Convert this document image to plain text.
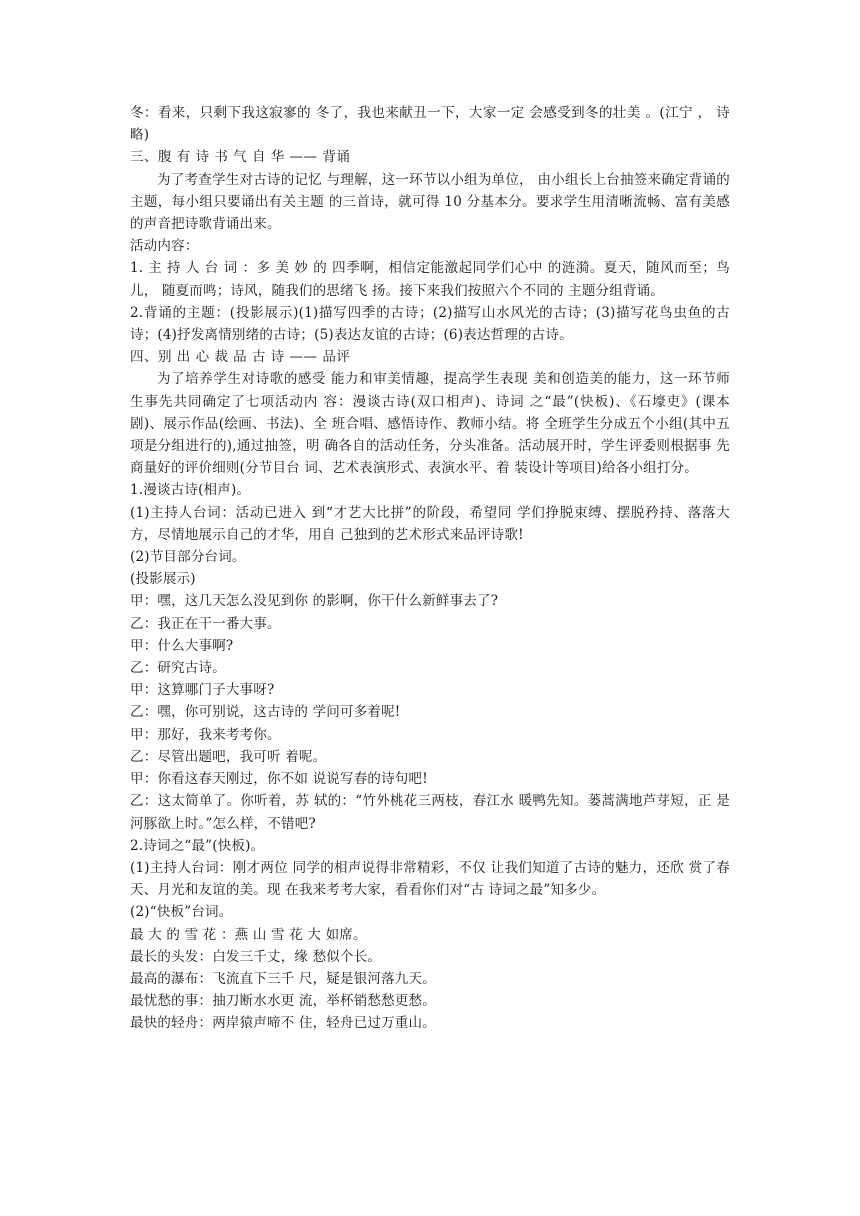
冬：看来，只剩下我这寂寥的 冬了，我也来献丑一下，大家一定 会感受到冬的壮美 。(江宁 ， 诗略)

三、腹 有 诗 书 气 自 华 —— 背诵

为了考查学生对古诗的记忆 与理解，这一环节以小组为单位， 由小组长上台抽签来确定背诵的 主题，每小组只要诵出有关主题 的三首诗，就可得 10 分基本分。要求学生用清晰流畅、富有美感 的声音把诗歌背诵出来。

活动内容：

1. 主 持 人 台 词 ：多 美 妙 的 四季啊，相信定能激起同学们心中 的涟漪。夏天，随风而至；鸟儿， 随夏而鸣；诗风，随我们的思绪飞 扬。接下来我们按照六个不同的 主题分组背诵。

2.背诵的主题：(投影展示)(1)描写四季的古诗；(2)描写山水风光的古诗；(3)描写花鸟虫鱼的古诗；(4)抒发离情别绪的古诗；(5)表达友谊的古诗；(6)表达哲理的古诗。

四、别 出 心 裁 品 古 诗 —— 品评

为了培养学生对诗歌的感受 能力和审美情趣，提高学生表现 美和创造美的能力，这一环节师 生事先共同确定了七项活动内 容：漫谈古诗(双口相声)、诗词 之“最”(快板)、《石壕吏》(课本 剧)、展示作品(绘画、书法)、全 班合唱、感悟诗作、教师小结。将 全班学生分成五个小组(其中五 项是分组进行的),通过抽签，明 确各自的活动任务，分头准备。活动展开时，学生评委则根据事 先商量好的评价细则(分节目台 词、艺术表演形式、表演水平、着 装设计等项目)给各小组打分。

1.漫谈古诗(相声)。

(1)主持人台词：活动已进入 到“才艺大比拼”的阶段，希望同 学们挣脱束缚、摆脱矜持、落落大 方，尽情地展示自己的才华，用自 己独到的艺术形式来品评诗歌!

(2)节目部分台词。

(投影展示)

甲：嘿，这几天怎么没见到你 的影啊，你干什么新鲜事去了?

乙：我正在干一番大事。

甲：什么大事啊?

乙：研究古诗。

甲：这算哪门子大事呀?

乙：嘿，你可别说，这古诗的 学问可多着呢!

甲：那好，我来考考你。

乙：尽管出题吧，我可听 着呢。

甲：你看这春天刚过，你不如 说说写春的诗句吧!

乙：这太简单了。你听着，苏 轼的：“竹外桃花三两枝，春江水 暖鸭先知。蒌蒿满地芦芽短，正 是河豚欲上时。”怎么样，不错吧?

2.诗词之“最”(快板)。

(1)主持人台词：刚才两位 同学的相声说得非常精彩，不仅 让我们知道了古诗的魅力，还欣 赏了春天、月光和友谊的美。现 在我来考考大家，看看你们对“古 诗词之最”知多少。

(2)“快板”台词。

最 大 的 雪 花 ：燕 山 雪 花 大 如席。

最长的头发：白发三千丈，缘 愁似个长。

最高的瀑布：飞流直下三千 尺，疑是银河落九天。

最忧愁的事：抽刀断水水更 流，举杯销愁愁更愁。

最快的轻舟：两岸猿声啼不 住，轻舟已过万重山。
